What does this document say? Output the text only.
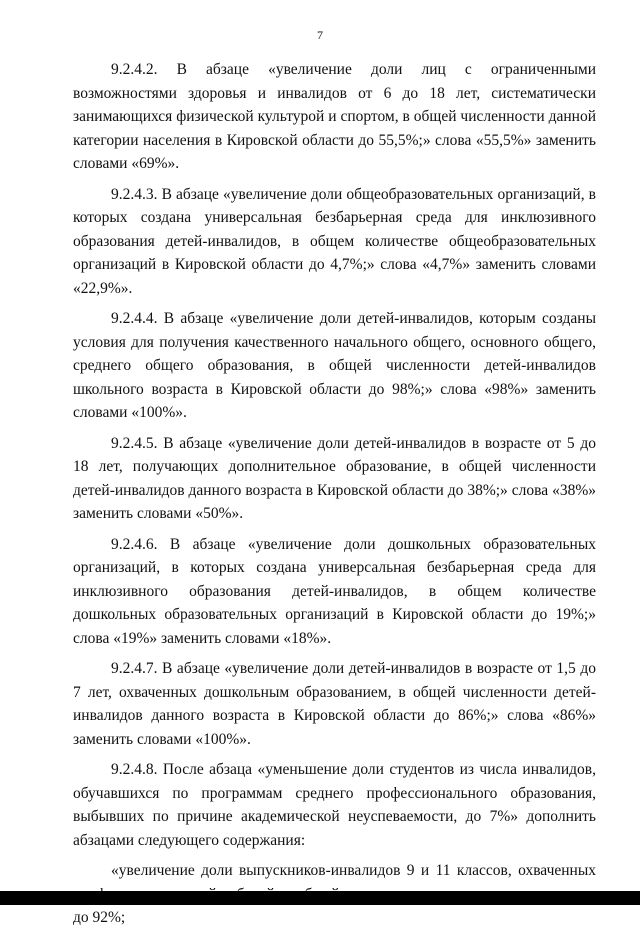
7

9.2.4.2. В абзаце «увеличение доли лиц с ограниченными возможностями здоровья и инвалидов от 6 до 18 лет, систематически занимающихся физической культурой и спортом, в общей численности данной категории населения в Кировской области до 55,5%;» слова «55,5%» заменить словами «69%».

9.2.4.3. В абзаце «увеличение доли общеобразовательных организаций, в которых создана универсальная безбарьерная среда для инклюзивного образования детей-инвалидов, в общем количестве общеобразовательных организаций в Кировской области до 4,7%;» слова «4,7%» заменить словами «22,9%».

9.2.4.4. В абзаце «увеличение доли детей-инвалидов, которым созданы условия для получения качественного начального общего, основного общего, среднего общего образования, в общей численности детей-инвалидов школьного возраста в Кировской области до 98%;» слова «98%» заменить словами «100%».

9.2.4.5. В абзаце «увеличение доли детей-инвалидов в возрасте от 5 до 18 лет, получающих дополнительное образование, в общей численности детей-инвалидов данного возраста в Кировской области до 38%;» слова «38%» заменить словами «50%».

9.2.4.6. В абзаце «увеличение доли дошкольных образовательных организаций, в которых создана универсальная безбарьерная среда для инклюзивного образования детей-инвалидов, в общем количестве дошкольных образовательных организаций в Кировской области до 19%;» слова «19%» заменить словами «18%».

9.2.4.7. В абзаце «увеличение доли детей-инвалидов в возрасте от 1,5 до 7 лет, охваченных дошкольным образованием, в общей численности детей-инвалидов данного возраста в Кировской области до 86%;» слова «86%» заменить словами «100%».

9.2.4.8. После абзаца «уменьшение доли студентов из числа инвалидов, обучавшихся по программам среднего профессионального образования, выбывших по причине академической неуспеваемости, до 7%» дополнить абзацами следующего содержания:

«увеличение доли выпускников-инвалидов 9 и 11 классов, охваченных до 92%;
